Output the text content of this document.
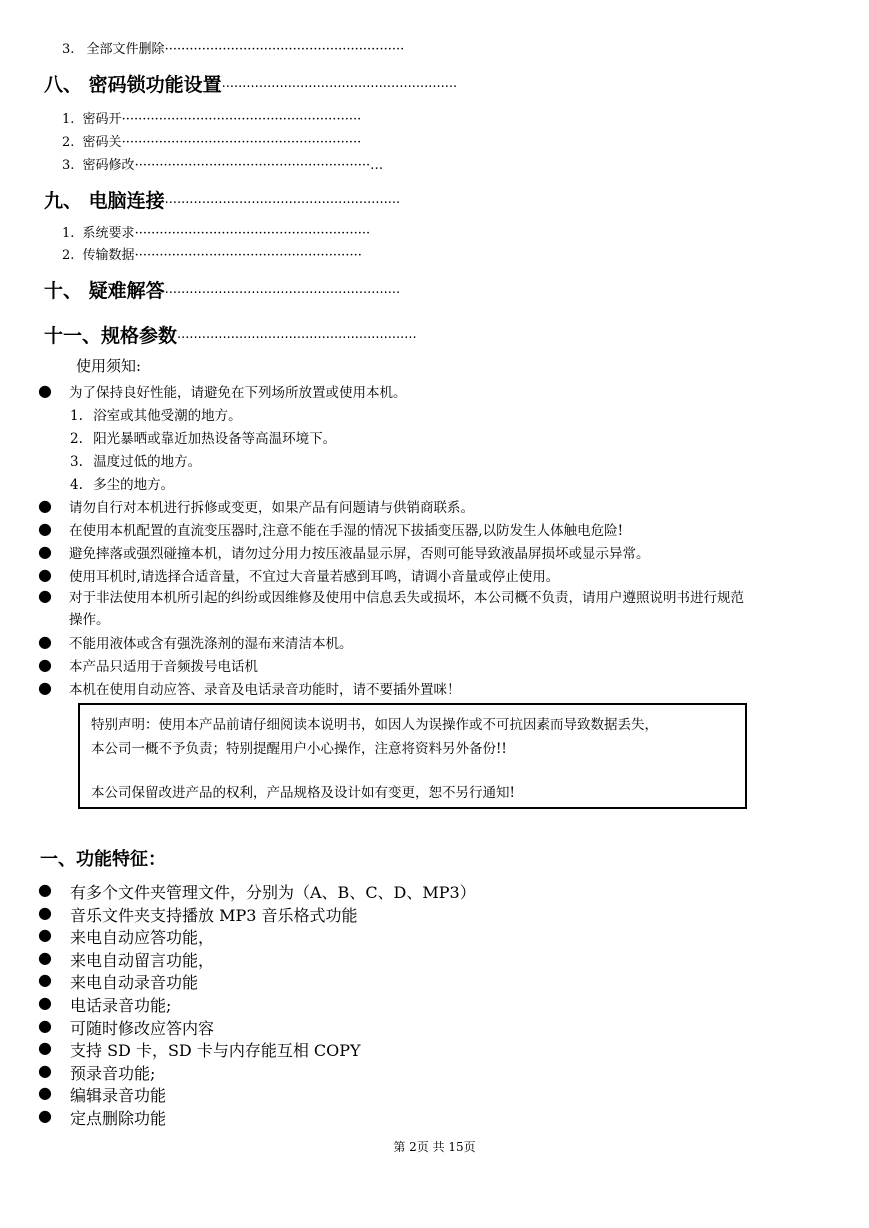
3. 全部文件删除··························································
八、 密码锁功能设置·························································
1. 密码开··························································
2. 密码关··························································
3. 密码修改·························································…
九、 电脑连接·························································
1. 系统要求·························································
2. 传输数据·······················································
十、 疑难解答·························································
十一、规格参数··························································
使用须知:
● 为了保持良好性能，请避免在下列场所放置或使用本机。
1. 浴室或其他受潮的地方。
2. 阳光暴晒或靠近加热设备等高温环境下。
3. 温度过低的地方。
4. 多尘的地方。
● 请勿自行对本机进行拆修或变更，如果产品有问题请与供销商联系。
● 在使用本机配置的直流变压器时,注意不能在手湿的情况下拔插变压器,以防发生人体触电危险!
● 避免摔落或强烈碰撞本机，请勿过分用力按压液晶显示屏，否则可能导致液晶屏损坏或显示异常。
● 使用耳机时,请选择合适音量，不宜过大音量若感到耳鸣，请调小音量或停止使用。
● 对于非法使用本机所引起的纠纷或因维修及使用中信息丢失或损坏，本公司概不负责，请用户遵照说明书进行规范
操作。
● 不能用液体或含有强洗涤剂的湿布来清洁本机。
● 本产品只适用于音频拨号电话机
● 本机在使用自动应答、录音及电话录音功能时，请不要插外置咪！
特别声明：使用本产品前请仔细阅读本说明书，如因人为误操作或不可抗因素而导致数据丢失，
本公司一概不予负责；特别提醒用户小心操作，注意将资料另外备份!!
本公司保留改进产品的权利，产品规格及设计如有变更，恕不另行通知!
一、功能特征：
● 有多个文件夹管理文件，分别为（A、B、C、D、MP3）
● 音乐文件夹支持播放 MP3 音乐格式功能
● 来电自动应答功能，
● 来电自动留言功能，
● 来电自动录音功能
● 电话录音功能;
● 可随时修改应答内容
● 支持 SD 卡，SD 卡与内存能互相 COPY
● 预录音功能;
● 编辑录音功能
● 定点删除功能
第 2页 共 15页
